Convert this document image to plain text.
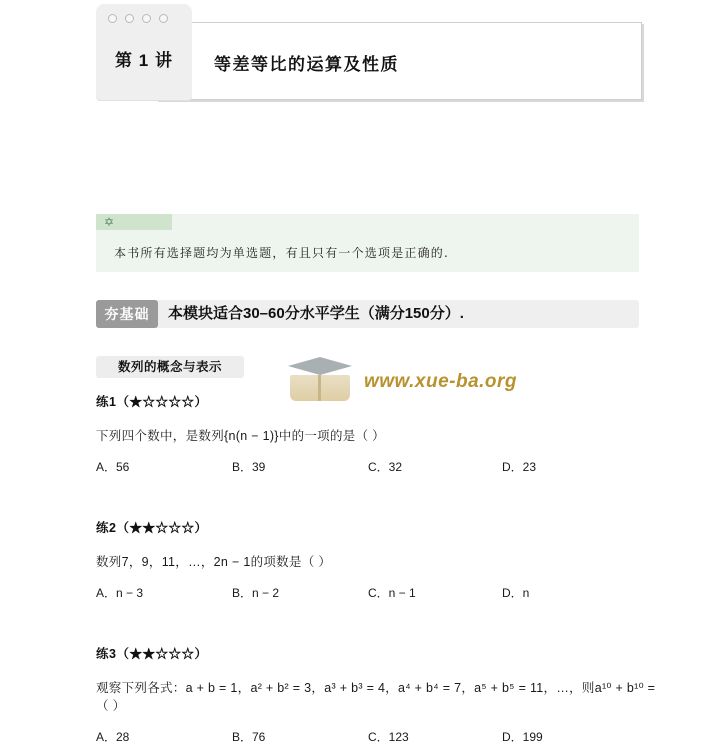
第 1 讲	等差等比的运算及性质
✡
本书所有选择题均为单选题，有且只有一个选项是正确的.
夯基础	本模块适合30–60分水平学生（满分150分）.
数列的概念与表示
www.xue-ba.org
练1（★☆☆☆☆）
下列四个数中，是数列{n(n − 1)}中的一项的是（ ）
A．56	B．39	C．32	D．23
练2（★★☆☆☆）
数列7，9，11，…，2n − 1的项数是（ ）
A．n − 3	B．n − 2	C．n − 1	D．n
练3（★★☆☆☆）
观察下列各式：a + b = 1，a² + b² = 3，a³ + b³ = 4，a⁴ + b⁴ = 7，a⁵ + b⁵ = 11，…，则a¹⁰ + b¹⁰ =（ ）
A．28	B．76	C．123	D．199
